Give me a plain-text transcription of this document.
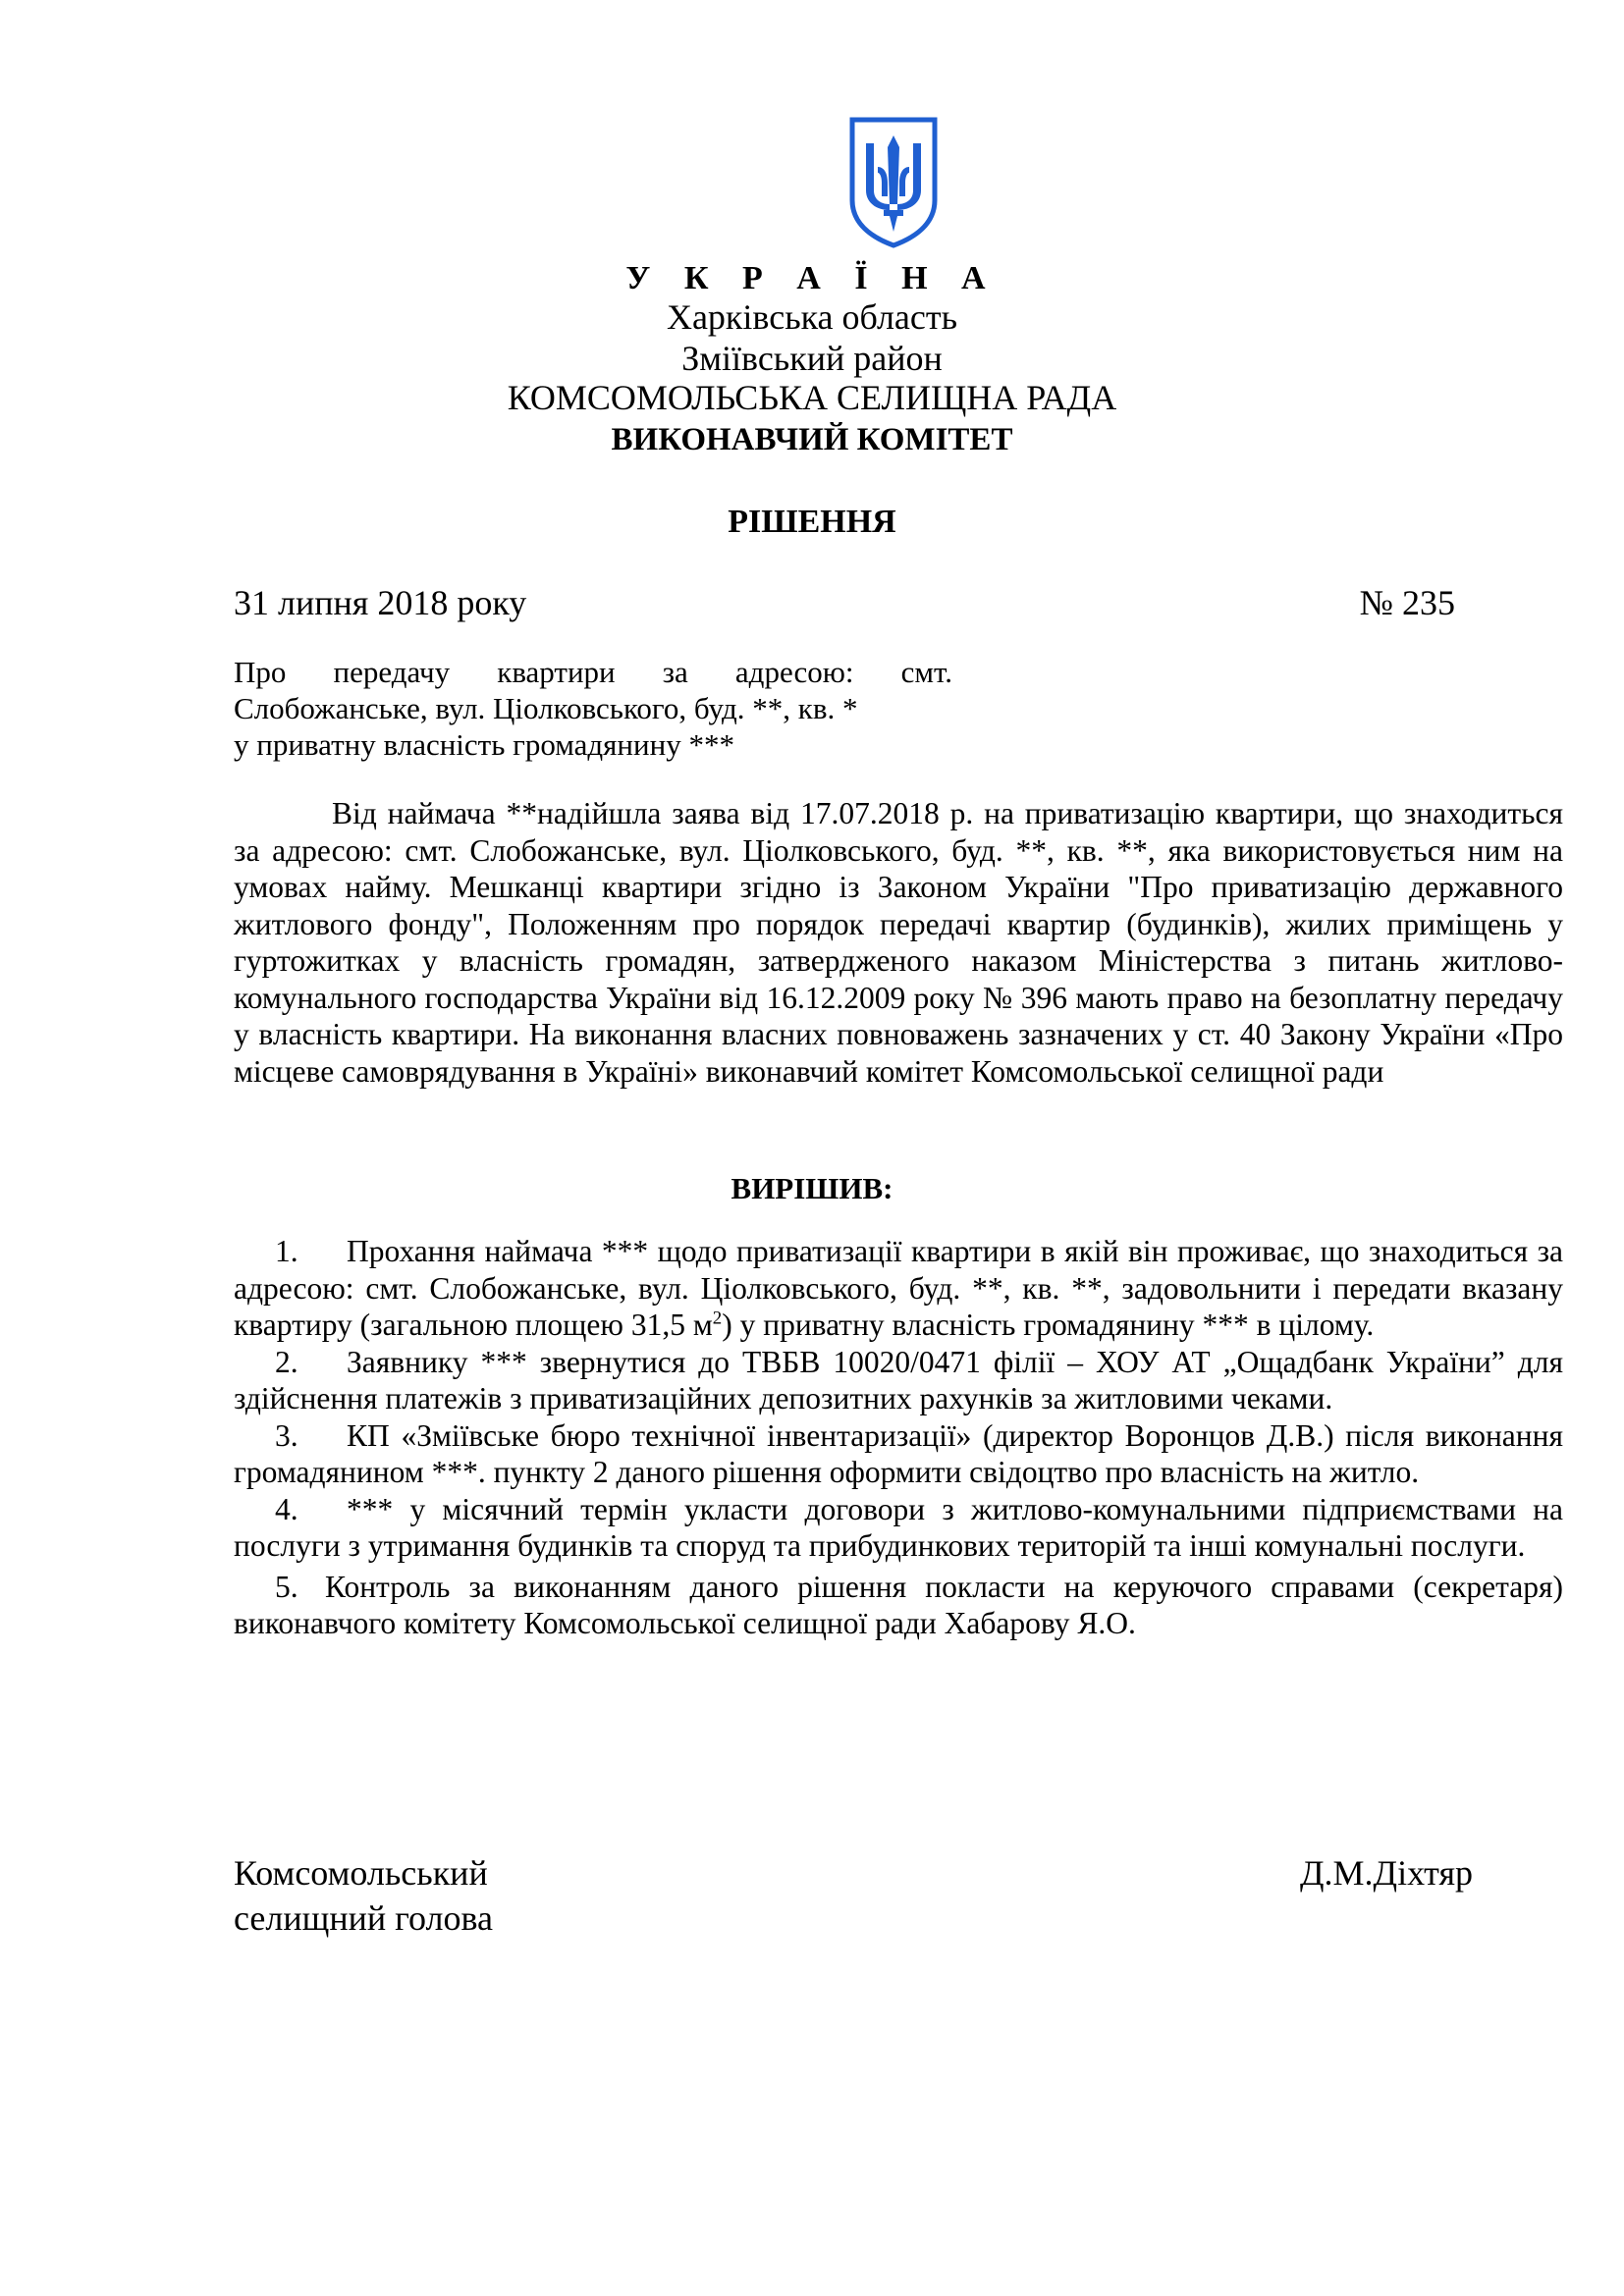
У К Р А Ї Н А
Харківська область
Зміївський район
КОМСОМОЛЬСЬКА СЕЛИЩНА РАДА
ВИКОНАВЧИЙ КОМІТЕТ
РІШЕННЯ
31 липня 2018 року	№ 235
Про передачу квартири за адресою: смт.
Слобожанське, вул. Ціолковського, буд. **, кв. *
у приватну власність громадянину ***
Від наймача **надійшла заява від 17.07.2018 р. на приватизацію квартири, що знаходиться за адресою: смт. Слобожанське, вул. Ціолковського, буд. **, кв. **, яка використовується ним на умовах найму. Мешканці квартири згідно із Законом України "Про приватизацію державного житлового фонду", Положенням про порядок передачі квартир (будинків), жилих приміщень у гуртожитках у власність громадян, затвердженого наказом Міністерства з питань житлово-комунального господарства України від 16.12.2009 року № 396 мають право на безоплатну передачу у власність квартири. На виконання власних повноважень зазначених у ст. 40 Закону України «Про місцеве самоврядування в Україні» виконавчий комітет Комсомольської селищної ради
ВИРІШИВ:

1. Прохання наймача *** щодо приватизації квартири в якій він проживає, що знаходиться за адресою: смт. Слобожанське, вул. Ціолковського, буд. **, кв. **, задовольнити і передати вказану квартиру (загальною площею 31,5 $м^2$) у приватну власність громадянину *** в цілому.

2. Заявнику *** звернутися до ТВБВ 10020/0471 філії – ХОУ АТ „Ощадбанк України” для здійснення платежів з приватизаційних депозитних рахунків за житловими чеками.

3. КП «Зміївське бюро технічної інвентаризації» (директор Воронцов Д.В.) після виконання громадянином ***. пункту 2 даного рішення оформити свідоцтво про власність на житло.

4. *** у місячний термін укласти договори з житлово-комунальними підприємствами на послуги з утримання будинків та споруд та прибудинкових територій та інші комунальні послуги.

5. Контроль за виконанням даного рішення покласти на керуючого справами (секретаря) виконавчого комітету Комсомольської селищної ради Хабарову Я.О.

Комсомольський
селищний голова
Д.М.Діхтяр
